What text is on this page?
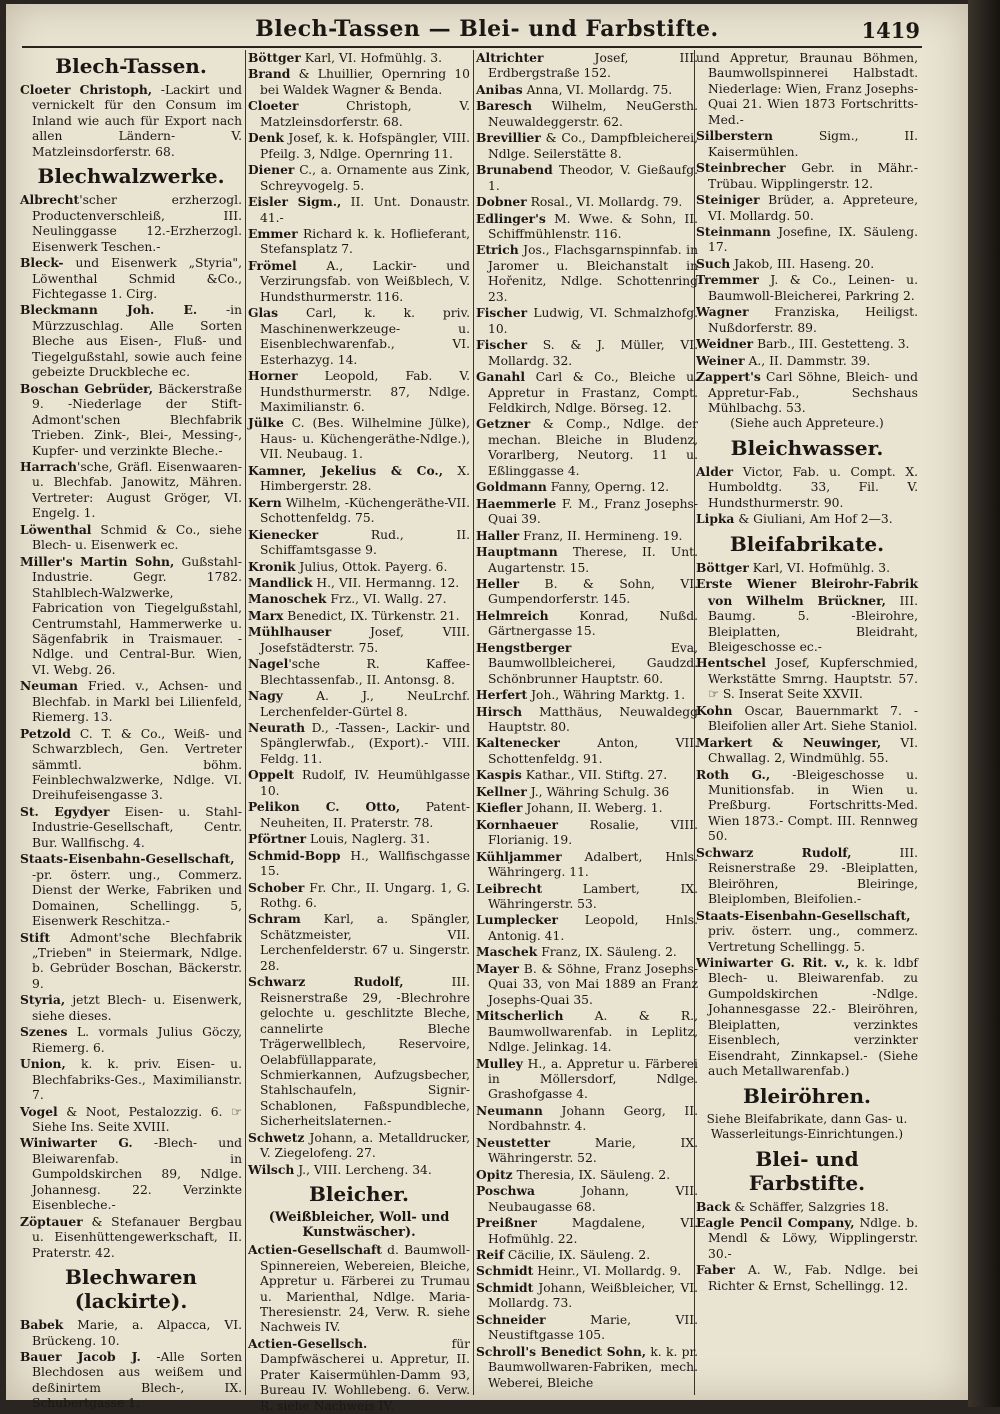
Blech-Tassen — Blei- und Farbstifte.	1419
Blech-Tassen.
Cloeter Christoph, -Lackirt und vernickelt für den Consum im Inland wie auch für Export nach allen Ländern- V. Matzleinsdorferstr. 68.
Blechwalzwerke.
Albrecht'scher erzherzogl. Productenverschleiß, III. Neulinggasse 12.-Erzherzogl. Eisenwerk Teschen.-
Bleck- und Eisenwerk „Styria", Löwenthal Schmid &Co., Fichtegasse 1. Cirg.
Bleckmann Joh. E. -in Mürzzuschlag. Alle Sorten Bleche aus Eisen-, Fluß- und Tiegelgußstahl, sowie auch feine gebeizte Druckbleche ec.
Boschan Gebrüder, Bäckerstraße 9. -Niederlage der Stift-Admont'schen Blechfabrik Trieben. Zink-, Blei-, Messing-, Kupfer- und verzinkte Bleche.-
Harrach'sche, Gräfl. Eisenwaaren- u. Blechfab. Janowitz, Mähren. Vertreter: August Gröger, VI. Engelg. 1.
Löwenthal Schmid & Co., siehe Blech- u. Eisenwerk ec.
Miller's Martin Sohn, Gußstahl-Industrie. Gegr. 1782. Stahlblech-Walzwerke, Fabrication von Tiegelgußstahl, Centrumstahl, Hammerwerke u. Sägenfabrik in Traismauer. -Ndlge. und Central-Bur. Wien, VI. Webg. 26.
Neuman Fried. v., Achsen- und Blechfab. in Markl bei Lilienfeld, Riemerg. 13.
Petzold C. T. & Co., Weiß- und Schwarzblech, Gen. Vertreter sämmtl. böhm. Feinblechwalzwerke, Ndlge. VI. Dreihufeisengasse 3.
St. Egydyer Eisen- u. Stahl-Industrie-Gesellschaft, Centr. Bur. Wallfischg. 4.
Staats-Eisenbahn-Gesellschaft, -pr. österr. ung., Commerz. Dienst der Werke, Fabriken und Domainen, Schellingg. 5, Eisenwerk Reschitza.-
Stift Admont'sche Blechfabrik „Trieben" in Steiermark, Ndlge. b. Gebrüder Boschan, Bäckerstr. 9.
Styria, jetzt Blech- u. Eisenwerk, siehe dieses.
Szenes L. vormals Julius Göczy, Riemerg. 6.
Union, k. k. priv. Eisen- u. Blechfabriks-Ges., Maximilianstr. 7.
Vogel & Noot, Pestalozzig. 6. ☞ Siehe Ins. Seite XVIII.
Winiwarter G. -Blech- und Bleiwarenfab. in Gumpoldskirchen 89, Ndlge. Johannesg. 22. Verzinkte Eisenbleche.-
Zöptauer & Stefanauer Bergbau u. Eisenhüttengewerkschaft, II. Praterstr. 42.
Blechwaren (lackirte).
Babek Marie, a. Alpacca, VI. Brückeng. 10.
Bauer Jacob J. -Alle Sorten Blechdosen aus weißem und deßinirtem Blech-, IX. Schubertgasse 1.
Böttger Karl, VI. Hofmühlg. 3.
Brand & Lhuillier, Opernring 10 bei Waldek Wagner & Benda.
Cloeter Christoph, V. Matzleinsdorferstr. 68.
Denk Josef, k. k. Hofspängler, VIII. Pfeilg. 3, Ndlge. Opernring 11.
Diener C., a. Ornamente aus Zink, Schreyvogelg. 5.
Eisler Sigm., II. Unt. Donaustr. 41.-
Emmer Richard k. k. Hoflieferant, Stefansplatz 7.
Frömel A., Lackir- und Verzirungsfab. von Weißblech, V. Hundsthurmerstr. 116.
Glas Carl, k. k. priv. Maschinenwerkzeuge- u. Eisenblechwarenfab., VI. Esterhazyg. 14.
Horner Leopold, Fab. V. Hundsthurmerstr. 87, Ndlge. Maximilianstr. 6.
Jülke C. (Bes. Wilhelmine Jülke), Haus- u. Küchengeräthe-Ndlge.), VII. Neubaug. 1.
Kamner, Jekelius & Co., X. Himbergerstr. 28.
Kern Wilhelm, -Küchengeräthe-VII. Schottenfeldg. 75.
Kienecker Rud., II. Schiffamtsgasse 9.
Kronik Julius, Ottok. Payerg. 6.
Mandlick H., VII. Hermanng. 12.
Manoschek Frz., VI. Wallg. 27.
Marx Benedict, IX. Türkenstr. 21.
Mühlhauser Josef, VIII. Josefstädterstr. 75.
Nagel'sche R. Kaffee-Blechtassenfab., II. Antonsg. 8.
Nagy A. J., NeuLrchf. Lerchenfelder-Gürtel 8.
Neurath D., -Tassen-, Lackir- und Spänglerwfab., (Export).- VIII. Feldg. 11.
Oppelt Rudolf, IV. Heumühlgasse 10.
Pelikon C. Otto, Patent-Neuheiten, II. Praterstr. 78.
Pförtner Louis, Naglerg. 31.
Schmid-Bopp H., Wallfischgasse 15.
Schober Fr. Chr., II. Ungarg. 1, G. Rothg. 6.
Schram Karl, a. Spängler, Schätzmeister, VII. Lerchenfelderstr. 67 u. Singerstr. 28.
Schwarz Rudolf, III. Reisnerstraße 29, -Blechrohre gelochte u. geschlitzte Bleche, cannelirte Bleche Trägerwellblech, Reservoire, Oelabfüllapparate, Schmierkannen, Aufzugsbecher, Stahlschaufeln, Signir-Schablonen, Faßspundbleche, Sicherheitslaternen.-
Schwetz Johann, a. Metalldrucker, V. Ziegelofeng. 27.
Wilsch J., VIII. Lercheng. 34.
Bleicher.
(Weißbleicher, Woll- und Kunstwäscher).
Actien-Gesellschaft d. Baumwoll-Spinnereien, Webereien, Bleiche, Appretur u. Färberei zu Trumau u. Marienthal, Ndlge. Maria-Theresienstr. 24, Verw. R. siehe Nachweis IV.
Actien-Gesellsch. für Dampfwäscherei u. Appretur, II. Prater Kaisermühlen-Damm 93, Bureau IV. Wohllebeng. 6. Verw. R. siehe Nachweis IV.
Altrichter Josef, III. Erdbergstraße 152.
Anibas Anna, VI. Mollardg. 75.
Baresch Wilhelm, NeuGersth. Neuwaldeggerstr. 62.
Brevillier & Co., Dampfbleicherei, Ndlge. Seilerstätte 8.
Brunabend Theodor, V. Gießaufg. 1.
Dobner Rosal., VI. Mollardg. 79.
Edlinger's M. Wwe. & Sohn, II. Schiffmühlenstr. 116.
Etrich Jos., Flachsgarnspinnfab. in Jaromer u. Bleichanstalt in Hořenitz, Ndlge. Schottenring 23.
Fischer Ludwig, VI. Schmalzhofg. 10.
Fischer S. & J. Müller, VI. Mollardg. 32.
Ganahl Carl & Co., Bleiche u. Appretur in Frastanz, Compt. Feldkirch, Ndlge. Börseg. 12.
Getzner & Comp., Ndlge. der mechan. Bleiche in Bludenz, Vorarlberg, Neutorg. 11 u. Eßlinggasse 4.
Goldmann Fanny, Operng. 12.
Haemmerle F. M., Franz Josephs-Quai 39.
Haller Franz, II. Hermineng. 19.
Hauptmann Therese, II. Unt. Augartenstr. 15.
Heller B. & Sohn, VI. Gumpendorferstr. 145.
Helmreich Konrad, Nußd. Gärtnergasse 15.
Hengstberger Eva, Baumwollbleicherei, Gaudzd. Schönbrunner Hauptstr. 60.
Herfert Joh., Währing Marktg. 1.
Hirsch Matthäus, Neuwaldegg Hauptstr. 80.
Kaltenecker Anton, VII. Schottenfeldg. 91.
Kaspis Kathar., VII. Stiftg. 27.
Kellner J., Währing Schulg. 36
Kiefler Johann, II. Weberg. 1.
Kornhaeuer Rosalie, VIII. Florianig. 19.
Kühljammer Adalbert, Hnls. Währingerg. 11.
Leibrecht Lambert, IX. Währingerstr. 53.
Lumplecker Leopold, Hnls. Antonig. 41.
Maschek Franz, IX. Säuleng. 2.
Mayer B. & Söhne, Franz Josephs-Quai 33, von Mai 1889 an Franz Josephs-Quai 35.
Mitscherlich A. & R., Baumwollwarenfab. in Leplitz, Ndlge. Jelinkag. 14.
Mulley H., a. Appretur u. Färberei in Möllersdorf, Ndlge. Grashofgasse 4.
Neumann Johann Georg, II. Nordbahnstr. 4.
Neustetter Marie, IX. Währingerstr. 52.
Opitz Theresia, IX. Säuleng. 2.
Poschwa Johann, VII. Neubaugasse 68.
Preißner Magdalene, VI. Hofmühlg. 22.
Reif Cäcilie, IX. Säuleng. 2.
Schmidt Heinr., VI. Mollardg. 9.
Schmidt Johann, Weißbleicher, VI. Mollardg. 73.
Schneider Marie, VII. Neustiftgasse 105.
Schroll's Benedict Sohn, k. k. pr. Baumwollwaren-Fabriken, mech. Weberei, Bleiche
und Appretur, Braunau Böhmen, Baumwollspinnerei Halbstadt. Niederlage: Wien, Franz Josephs-Quai 21. Wien 1873 Fortschritts-Med.-
Silberstern Sigm., II. Kaisermühlen.
Steinbrecher Gebr. in Mähr.-Trübau. Wipplingerstr. 12.
Steiniger Brüder, a. Appreteure, VI. Mollardg. 50.
Steinmann Josefine, IX. Säuleng. 17.
Such Jakob, III. Haseng. 20.
Tremmer J. & Co., Leinen- u. Baumwoll-Bleicherei, Parkring 2.
Wagner Franziska, Heiligst. Nußdorferstr. 89.
Weidner Barb., III. Gestetteng. 3.
Weiner A., II. Dammstr. 39.
Zappert's Carl Söhne, Bleich- und Appretur-Fab., Sechshaus Mühlbachg. 53.
(Siehe auch Appreteure.)
Bleichwasser.
Alder Victor, Fab. u. Compt. X. Humboldtg. 33, Fil. V. Hundsthurmerstr. 90.
Lipka & Giuliani, Am Hof 2—3.
Bleifabrikate.
Böttger Karl, VI. Hofmühlg. 3.
Erste Wiener Bleirohr-Fabrik von Wilhelm Brückner, III. Baumg. 5. -Bleirohre, Bleiplatten, Bleidraht, Bleigeschosse ec.-
Hentschel Josef, Kupferschmied, Werkstätte Smrng. Hauptstr. 57. ☞ S. Inserat Seite XXVII.
Kohn Oscar, Bauernmarkt 7. -Bleifolien aller Art. Siehe Staniol.
Markert & Neuwinger, VI. Chwallag. 2, Windmühlg. 55.
Roth G., -Bleigeschosse u. Munitionsfab. in Wien u. Preßburg. Fortschritts-Med. Wien 1873.- Compt. III. Rennweg 50.
Schwarz Rudolf, III. Reisnerstraße 29. -Bleiplatten, Bleiröhren, Bleiringe, Bleiplomben, Bleifolien.-
Staats-Eisenbahn-Gesellschaft, priv. österr. ung., commerz. Vertretung Schellingg. 5.
Winiwarter G. Rit. v., k. k. ldbf Blech- u. Bleiwarenfab. zu Gumpoldskirchen -Ndlge. Johannesgasse 22.- Bleiröhren, Bleiplatten, verzinktes Eisenblech, verzinkter Eisendraht, Zinnkapsel.- (Siehe auch Metallwarenfab.)
Bleiröhren.
Siehe Bleifabrikate, dann Gas- u. Wasserleitungs-Einrichtungen.)
Blei- und Farbstifte.
Back & Schäffer, Salzgries 18.
Eagle Pencil Company, Ndlge. b. Mendl & Löwy, Wipplingerstr. 30.-
Faber A. W., Fab. Ndlge. bei Richter & Ernst, Schellingg. 12.
